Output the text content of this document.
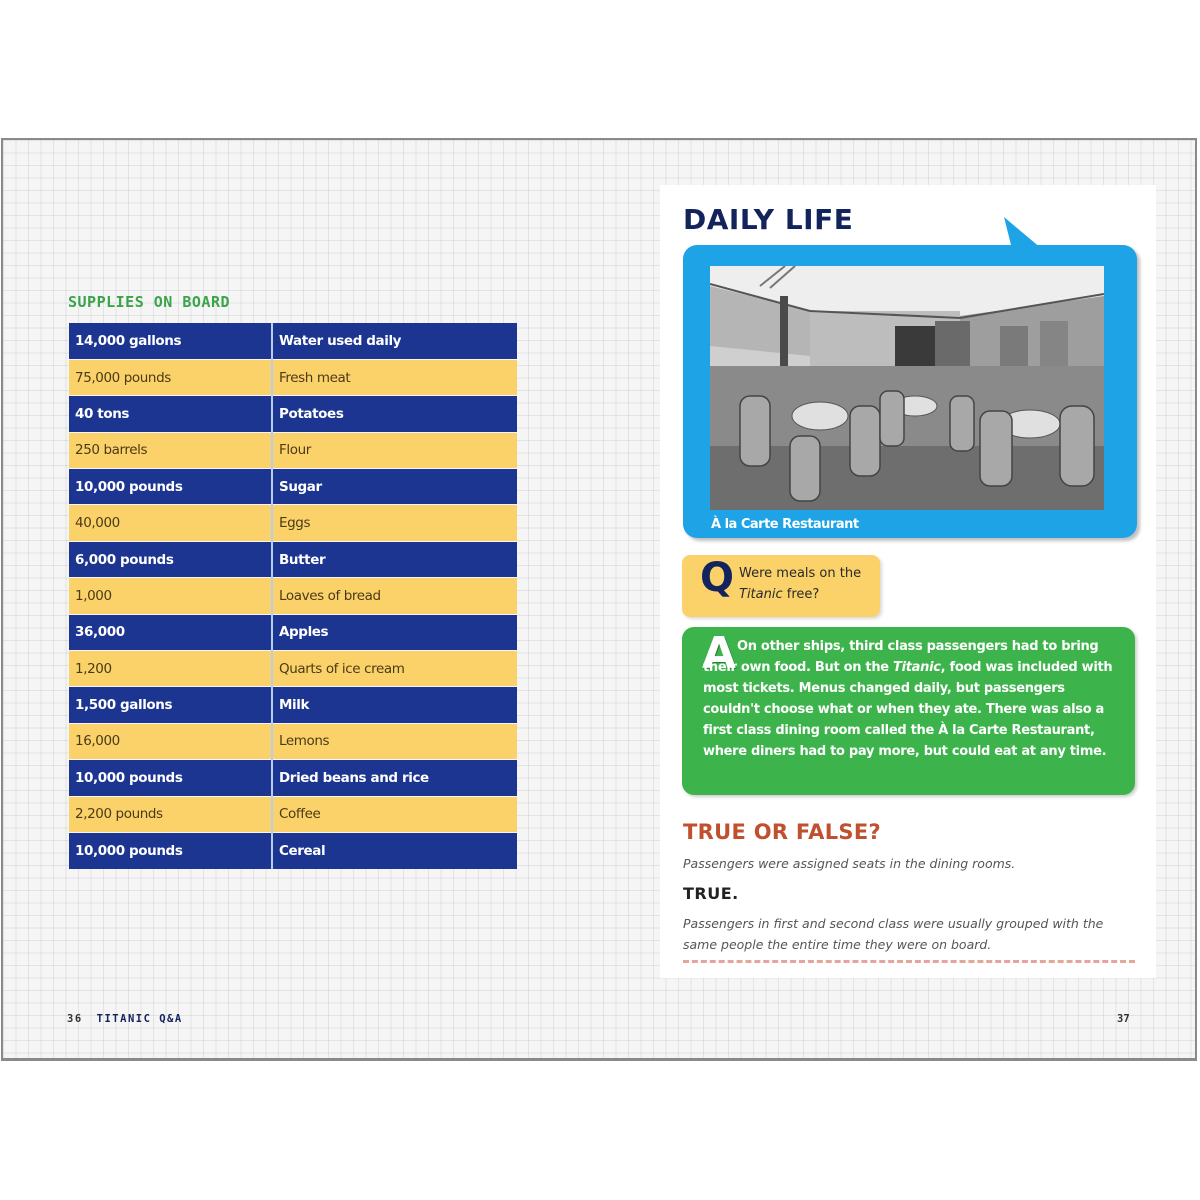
SUPPLIES ON BOARD
14,000 gallons	Water used daily
75,000 pounds	Fresh meat
40 tons	Potatoes
250 barrels	Flour
10,000 pounds	Sugar
40,000	Eggs
6,000 pounds	Butter
1,000	Loaves of bread
36,000	Apples
1,200	Quarts of ice cream
1,500 gallons	Milk
16,000	Lemons
10,000 pounds	Dried beans and rice
2,200 pounds	Coffee
10,000 pounds	Cereal
36 TITANIC Q&A
DAILY LIFE
À la Carte Restaurant
Q Were meals on the Titanic free?
A On other ships, third class passengers had to bring their own food. But on the Titanic, food was included with most tickets. Menus changed daily, but passengers couldn't choose what or when they ate. There was also a first class dining room called the À la Carte Restaurant, where diners had to pay more, but could eat at any time.
TRUE OR FALSE?
Passengers were assigned seats in the dining rooms.
TRUE.
Passengers in first and second class were usually grouped with the same people the entire time they were on board.
37
